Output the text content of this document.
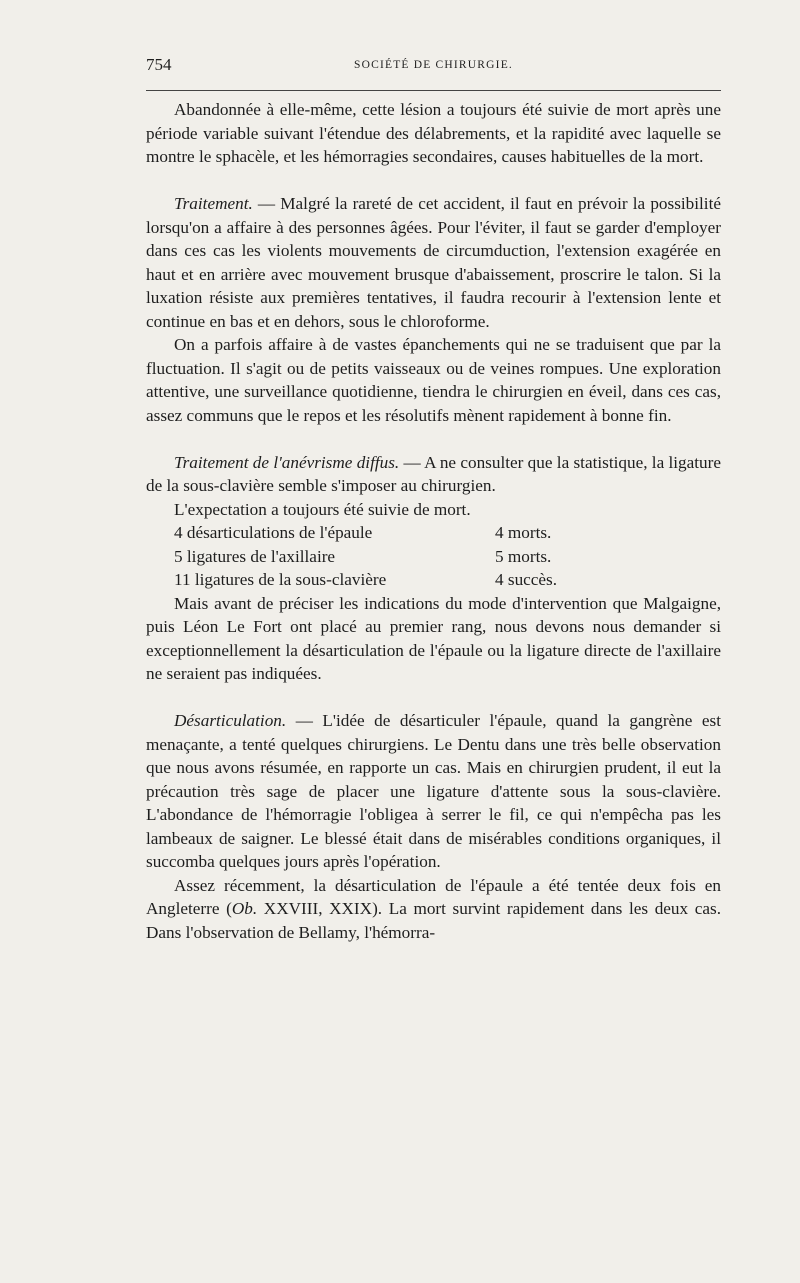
754	SOCIÉTÉ DE CHIRURGIE.

Abandonnée à elle-même, cette lésion a toujours été suivie de mort après une période variable suivant l'étendue des délabrements, et la rapidité avec laquelle se montre le sphacèle, et les hémorragies secondaires, causes habituelles de la mort.

Traitement. — Malgré la rareté de cet accident, il faut en prévoir la possibilité lorsqu'on a affaire à des personnes âgées. Pour l'éviter, il faut se garder d'employer dans ces cas les violents mouvements de circumduction, l'extension exagérée en haut et en arrière avec mouvement brusque d'abaissement, proscrire le talon. Si la luxation résiste aux premières tentatives, il faudra recourir à l'extension lente et continue en bas et en dehors, sous le chloroforme.

On a parfois affaire à de vastes épanchements qui ne se traduisent que par la fluctuation. Il s'agit ou de petits vaisseaux ou de veines rompues. Une exploration attentive, une surveillance quotidienne, tiendra le chirurgien en éveil, dans ces cas, assez communs que le repos et les résolutifs mènent rapidement à bonne fin.

Traitement de l'anévrisme diffus. — A ne consulter que la statistique, la ligature de la sous-clavière semble s'imposer au chirurgien.

L'expectation a toujours été suivie de mort.

4 désarticulations de l'épaule	4 morts.
5 ligatures de l'axillaire	5 morts.
11 ligatures de la sous-clavière	4 succès.

Mais avant de préciser les indications du mode d'intervention que Malgaigne, puis Léon Le Fort ont placé au premier rang, nous devons nous demander si exceptionnellement la désarticulation de l'épaule ou la ligature directe de l'axillaire ne seraient pas indiquées.

Désarticulation. — L'idée de désarticuler l'épaule, quand la gangrène est menaçante, a tenté quelques chirurgiens. Le Dentu dans une très belle observation que nous avons résumée, en rapporte un cas. Mais en chirurgien prudent, il eut la précaution très sage de placer une ligature d'attente sous la sous-clavière. L'abondance de l'hémorragie l'obligea à serrer le fil, ce qui n'empêcha pas les lambeaux de saigner. Le blessé était dans de misérables conditions organiques, il succomba quelques jours après l'opération.

Assez récemment, la désarticulation de l'épaule a été tentée deux fois en Angleterre (Ob. XXVIII, XXIX). La mort survint rapidement dans les deux cas. Dans l'observation de Bellamy, l'hémorra-
